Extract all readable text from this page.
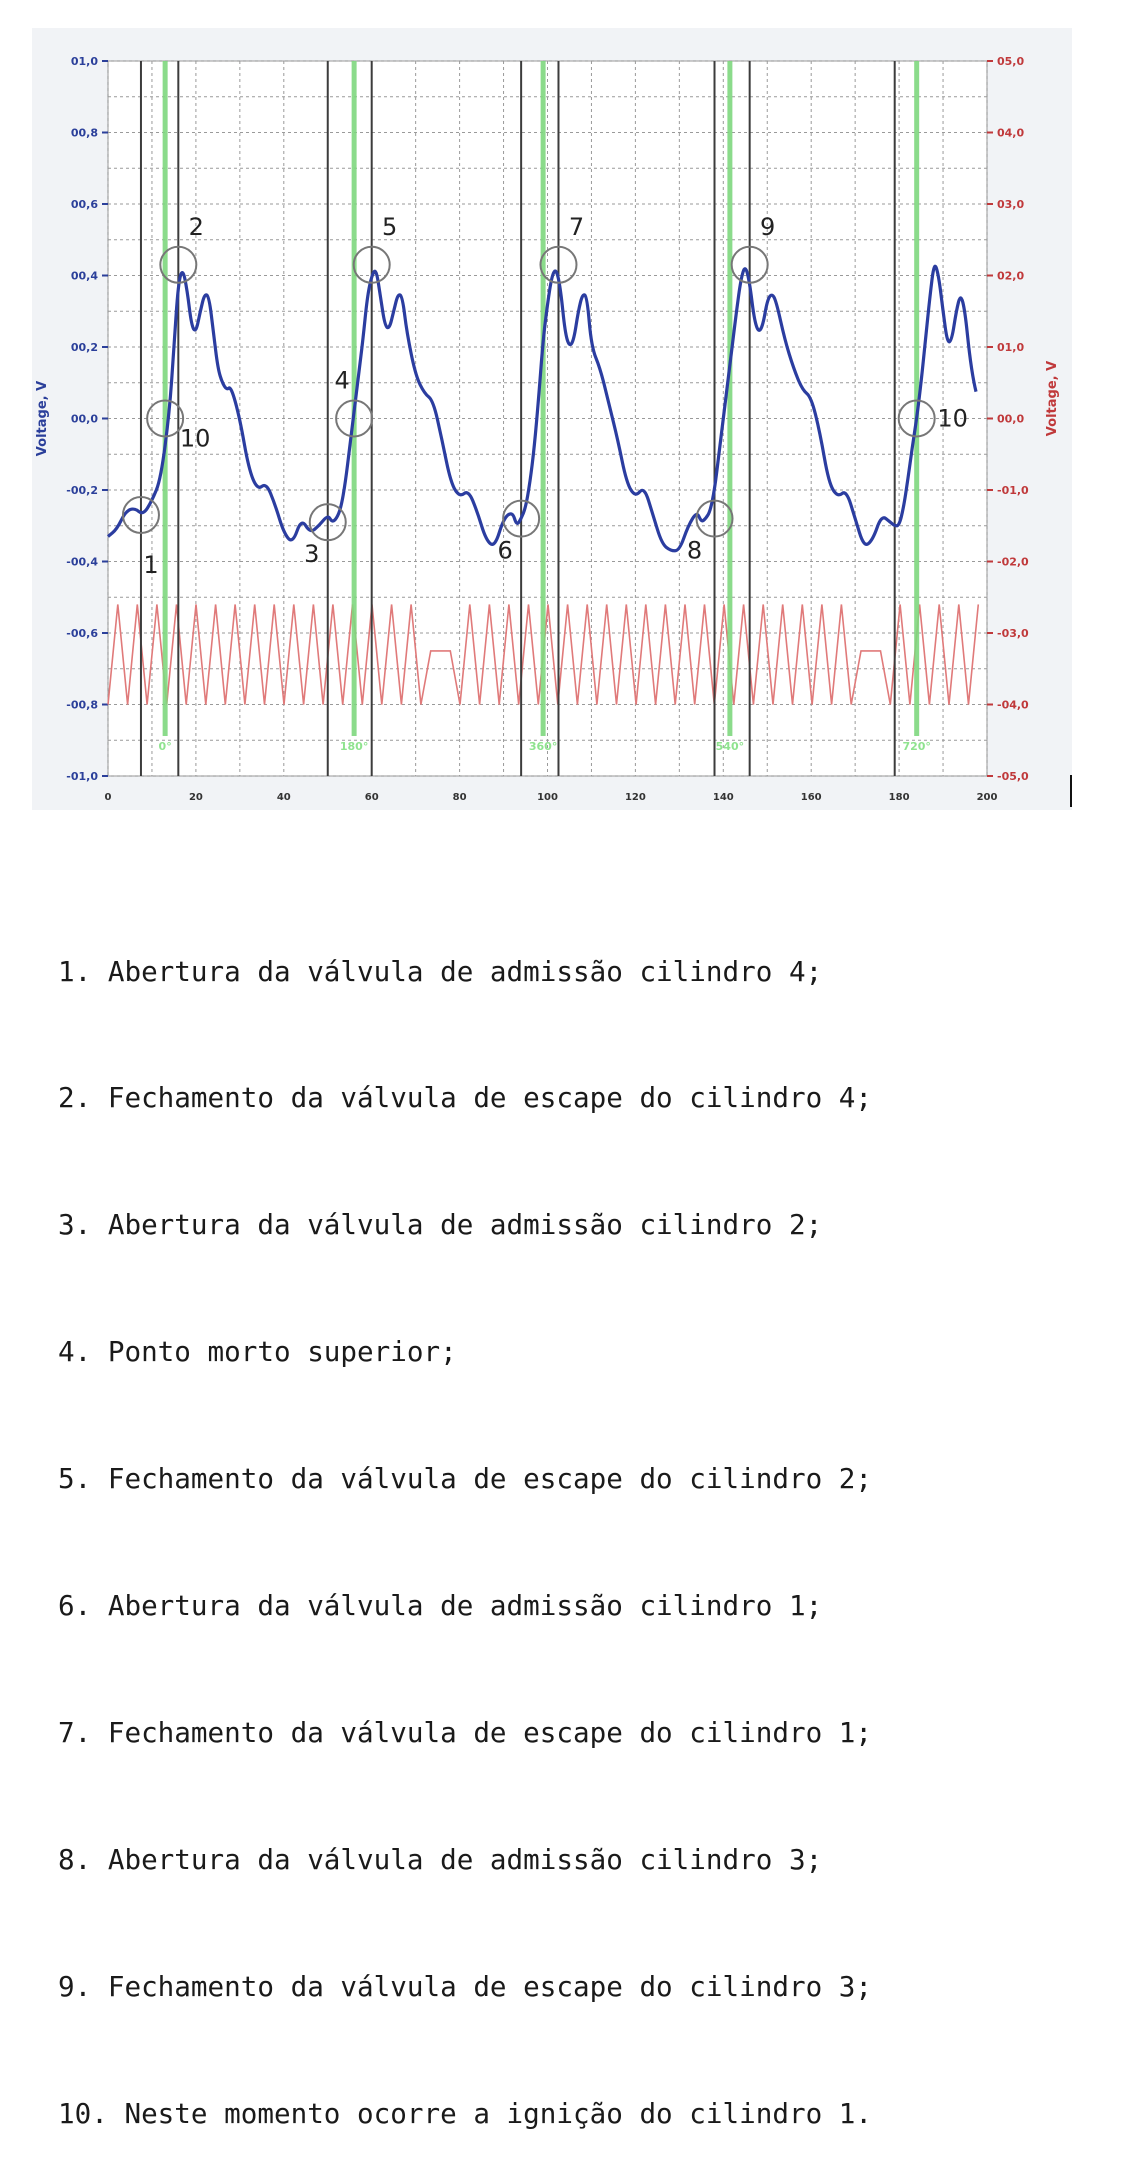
01,0
00,8
00,6
00,4
00,2
00,0
-00,2
-00,4
-00,6
-00,8
-01,0
05,0
04,0
03,0
02,0
01,0
00,0
-01,0
-02,0
-03,0
-04,0
-05,0
0	20	40	60	80	100	120	140	160	180	200
Voltage, V	Voltage, V
0°	180°	360°	540°	720°
1
2
3
4
5
6
7
8
9
10
10

1. Abertura da válvula de admissão cilindro 4;

2. Fechamento da válvula de escape do cilindro 4;

3. Abertura da válvula de admissão cilindro 2;

4. Ponto morto superior;

5. Fechamento da válvula de escape do cilindro 2;

6. Abertura da válvula de admissão cilindro 1;

7. Fechamento da válvula de escape do cilindro 1;

8. Abertura da válvula de admissão cilindro 3;

9. Fechamento da válvula de escape do cilindro 3;

10. Neste momento ocorre a ignição do cilindro 1.
